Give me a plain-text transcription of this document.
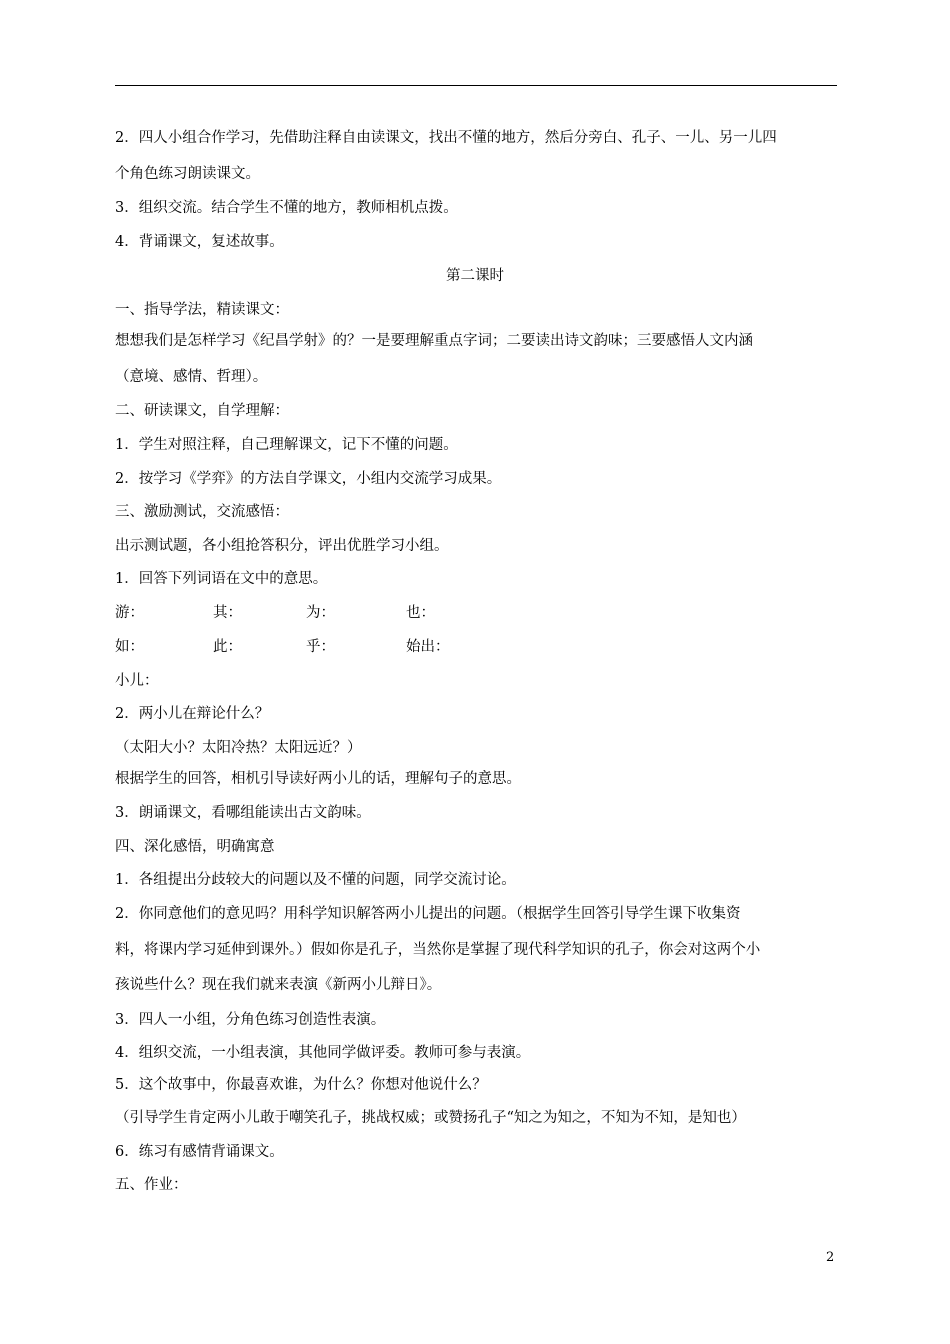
2．四人小组合作学习，先借助注释自由读课文，找出不懂的地方，然后分旁白、孔子、一儿、另一儿四
个角色练习朗读课文。
3．组织交流。结合学生不懂的地方，教师相机点拨。
4．背诵课文，复述故事。
第二课时
一、指导学法，精读课文：
想想我们是怎样学习《纪昌学射》的？一是要理解重点字词；二要读出诗文韵味；三要感悟人文内涵
（意境、感情、哲理）。
二、研读课文，自学理解：
1．学生对照注释，自己理解课文，记下不懂的问题。
2．按学习《学弈》的方法自学课文，小组内交流学习成果。
三、激励测试，交流感悟：
出示测试题，各小组抢答积分，评出优胜学习小组。
1．回答下列词语在文中的意思。
游：	其：	为：	也：
如：	此：	乎：	始出：
小儿：
2．两小儿在辩论什么？
（太阳大小？太阳冷热？太阳远近？）
根据学生的回答，相机引导读好两小儿的话，理解句子的意思。
3．朗诵课文，看哪组能读出古文韵味。
四、深化感悟，明确寓意
1．各组提出分歧较大的问题以及不懂的问题，同学交流讨论。
2．你同意他们的意见吗？用科学知识解答两小儿提出的问题。（根据学生回答引导学生课下收集资
料，将课内学习延伸到课外。）假如你是孔子，当然你是掌握了现代科学知识的孔子，你会对这两个小
孩说些什么？现在我们就来表演《新两小儿辩日》。
3．四人一小组，分角色练习创造性表演。
4．组织交流，一小组表演，其他同学做评委。教师可参与表演。
5．这个故事中，你最喜欢谁，为什么？你想对他说什么？
（引导学生肯定两小儿敢于嘲笑孔子，挑战权威；或赞扬孔子“知之为知之，不知为不知，是知也）
6．练习有感情背诵课文。
五、作业：
2
